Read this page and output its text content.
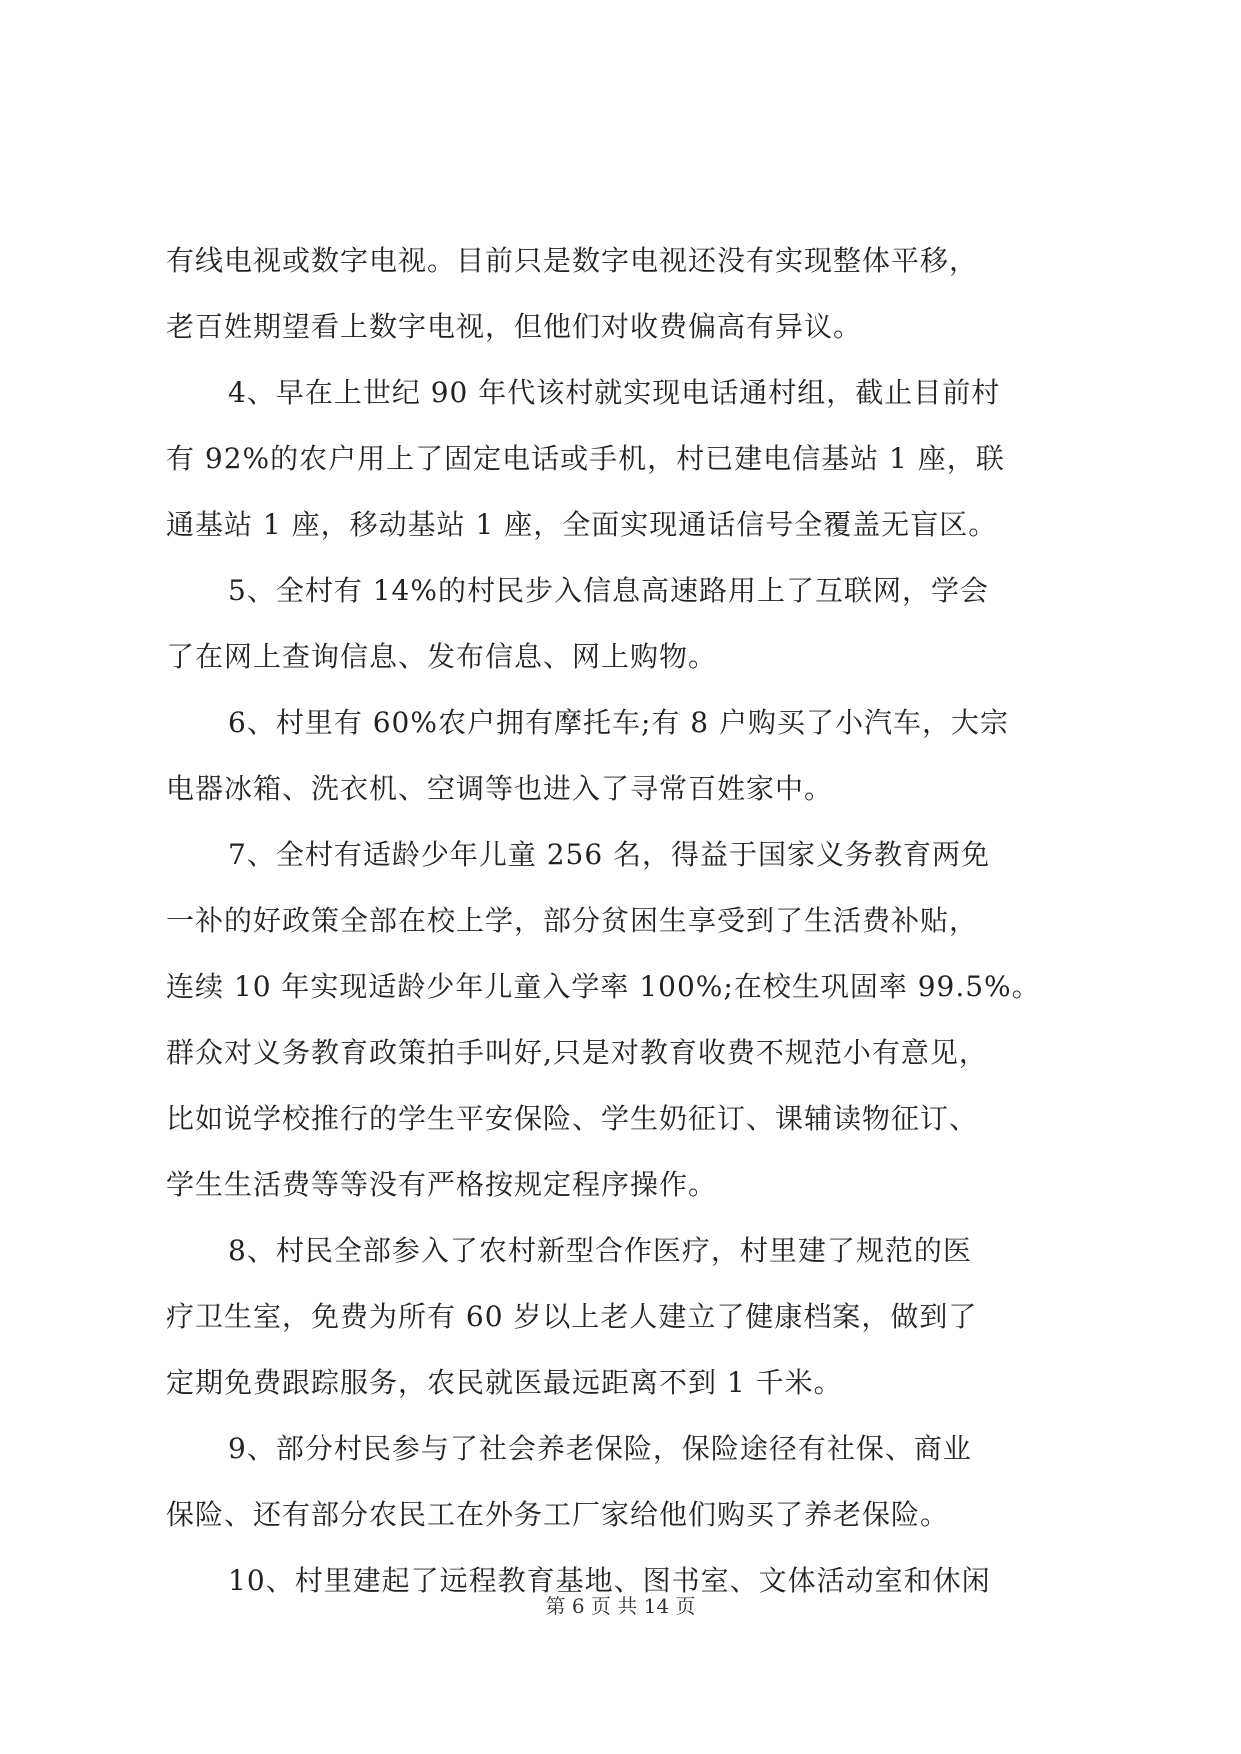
有线电视或数字电视。目前只是数字电视还没有实现整体平移，
老百姓期望看上数字电视，但他们对收费偏高有异议。
4、早在上世纪 90 年代该村就实现电话通村组，截止目前村
有 92%的农户用上了固定电话或手机，村已建电信基站 1 座，联
通基站 1 座，移动基站 1 座，全面实现通话信号全覆盖无盲区。
5、全村有 14%的村民步入信息高速路用上了互联网，学会
了在网上查询信息、发布信息、网上购物。
6、村里有 60%农户拥有摩托车;有 8 户购买了小汽车，大宗
电器冰箱、洗衣机、空调等也进入了寻常百姓家中。
7、全村有适龄少年儿童 256 名，得益于国家义务教育两免
一补的好政策全部在校上学，部分贫困生享受到了生活费补贴，
连续 10 年实现适龄少年儿童入学率 100%;在校生巩固率 99.5%。
群众对义务教育政策拍手叫好,只是对教育收费不规范小有意见，
比如说学校推行的学生平安保险、学生奶征订、课辅读物征订、
学生生活费等等没有严格按规定程序操作。
8、村民全部参入了农村新型合作医疗，村里建了规范的医
疗卫生室，免费为所有 60 岁以上老人建立了健康档案，做到了
定期免费跟踪服务，农民就医最远距离不到 1 千米。
9、部分村民参与了社会养老保险，保险途径有社保、商业
保险、还有部分农民工在外务工厂家给他们购买了养老保险。
10、村里建起了远程教育基地、图书室、文体活动室和休闲
第 6 页 共 14 页
